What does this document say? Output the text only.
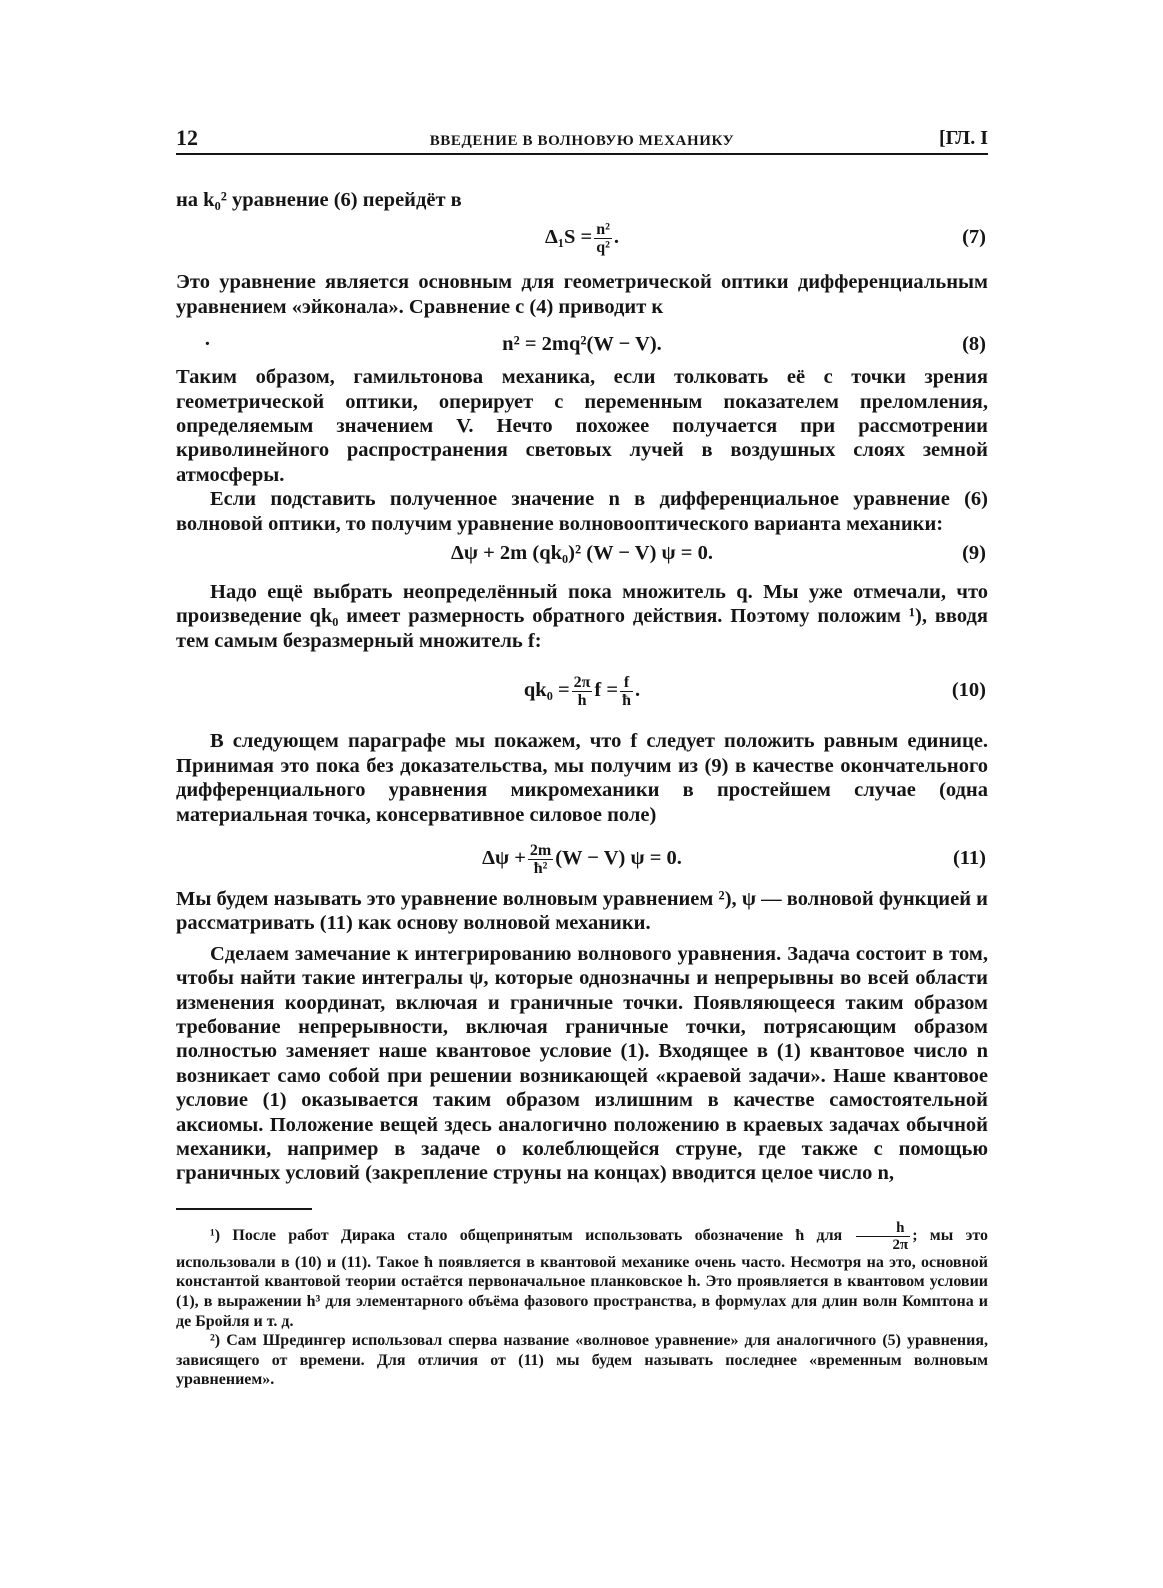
12	ВВЕДЕНИЕ В ВОЛНОВУЮ МЕХАНИКУ	[ГЛ. I

на k₀² уравнение (6) перейдёт в

$\Delta_1S = \frac{\text{n²}}{\text{q²}}$ .	(7)

Это уравнение является основным для геометрической оптики дифференциальным уравнением «эйконала». Сравнение с (4) приводит к

·	n² = 2mq²(W − V).	(8)

Таким образом, гамильтонова механика, если толковать её с точки зрения геометрической оптики, оперирует с переменным показателем преломления, определяемым значением V. Нечто похожее получается при рассмотрении криволинейного распространения световых лучей в воздушных слоях земной атмосферы.

Если подставить полученное значение n в дифференциальное уравнение (6) волновой оптики, то получим уравнение волновооптического варианта механики:

Δψ + 2m (qk₀)² (W − V) ψ = 0.	(9)

Надо ещё выбрать неопределённый пока множитель q. Мы уже отмечали, что произведение qk₀ имеет размерность обратного действия. Поэтому положим ¹), вводя тем самым безразмерный множитель f:

$qk_0 = \frac{2\pi}{h}$ $f = \frac{f}{ħ}$ .	(10)

В следующем параграфе мы покажем, что f следует положить равным единице. Принимая это пока без доказательства, мы получим из (9) в качестве окончательного дифференциального уравнения микромеханики в простейшем случае (одна материальная точка, консервативное силовое поле)

$\Delta\psi + \frac{2m}{\text{ħ²}} (W - V) \psi = 0$.	(11)

Мы будем называть это уравнение волновым уравнением ²), ψ — волновой функцией и рассматривать (11) как основу волновой механики.

Сделаем замечание к интегрированию волнового уравнения. Задача состоит в том, чтобы найти такие интегралы ψ, которые однозначны и непрерывны во всей области изменения координат, включая и граничные точки. Появляющееся таким образом требование непрерывности, включая граничные точки, потрясающим образом полностью заменяет наше квантовое условие (1). Входящее в (1) квантовое число n возникает само собой при решении возникающей «краевой задачи». Наше квантовое условие (1) оказывается таким образом излишним в качестве самостоятельной аксиомы. Положение вещей здесь аналогично положению в краевых задачах обычной механики, например в задаче о колеблющейся струне, где также с помощью граничных условий (закрепление струны на концах) вводится целое число n,

¹) После работ Дирака стало общепринятым использовать обозначение ħ для $\frac{h}{2\pi}$ ; мы это использовали в (10) и (11). Такое ħ появляется в квантовой механике очень часто. Несмотря на это, основной константой квантовой теории остаётся первоначальное планковское h. Это проявляется в квантовом условии (1), в выражении h³ для элементарного объёма фазового пространства, в формулах для длин волн Комптона и де Бройля и т. д.

²) Сам Шредингер использовал сперва название «волновое уравнение» для аналогичного (5) уравнения, зависящего от времени. Для отличия от (11) мы будем называть последнее «временным волновым уравнением».
